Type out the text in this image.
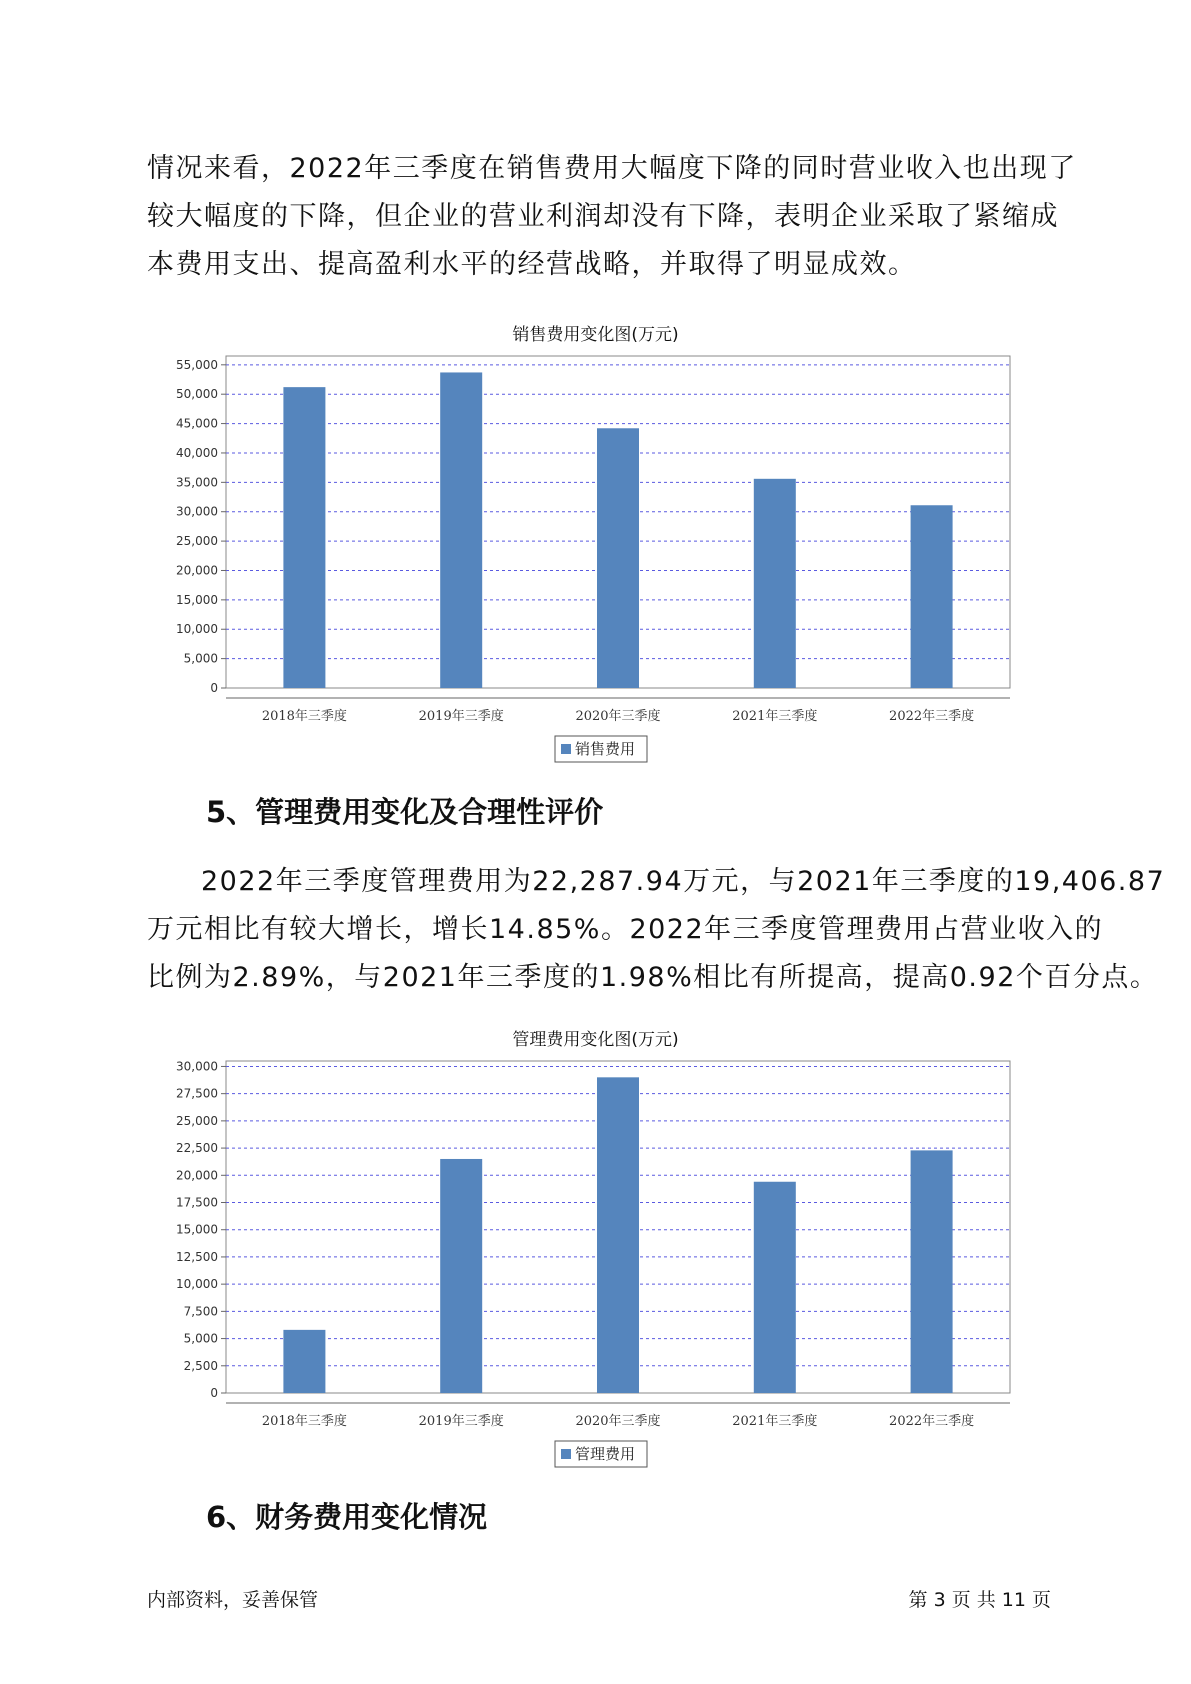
情况来看，2022年三季度在销售费用大幅度下降的同时营业收入也出现了
较大幅度的下降，但企业的营业利润却没有下降，表明企业采取了紧缩成
本费用支出、提高盈利水平的经营战略，并取得了明显成效。
销售费用变化图(万元)
0
5,000
10,000
15,000
20,000
25,000
30,000
35,000
40,000
45,000
50,000
55,000
2018年三季度	2019年三季度	2020年三季度	2021年三季度	2022年三季度
销售费用
5、管理费用变化及合理性评价
2022年三季度管理费用为22,287.94万元，与2021年三季度的19,406.87
万元相比有较大增长，增长14.85%。2022年三季度管理费用占营业收入的
比例为2.89%，与2021年三季度的1.98%相比有所提高，提高0.92个百分点。
管理费用变化图(万元)
0
2,500
5,000
7,500
10,000
12,500
15,000
17,500
20,000
22,500
25,000
27,500
30,000
2018年三季度	2019年三季度	2020年三季度	2021年三季度	2022年三季度
管理费用
6、财务费用变化情况
内部资料，妥善保管	第 3 页 共 11 页
